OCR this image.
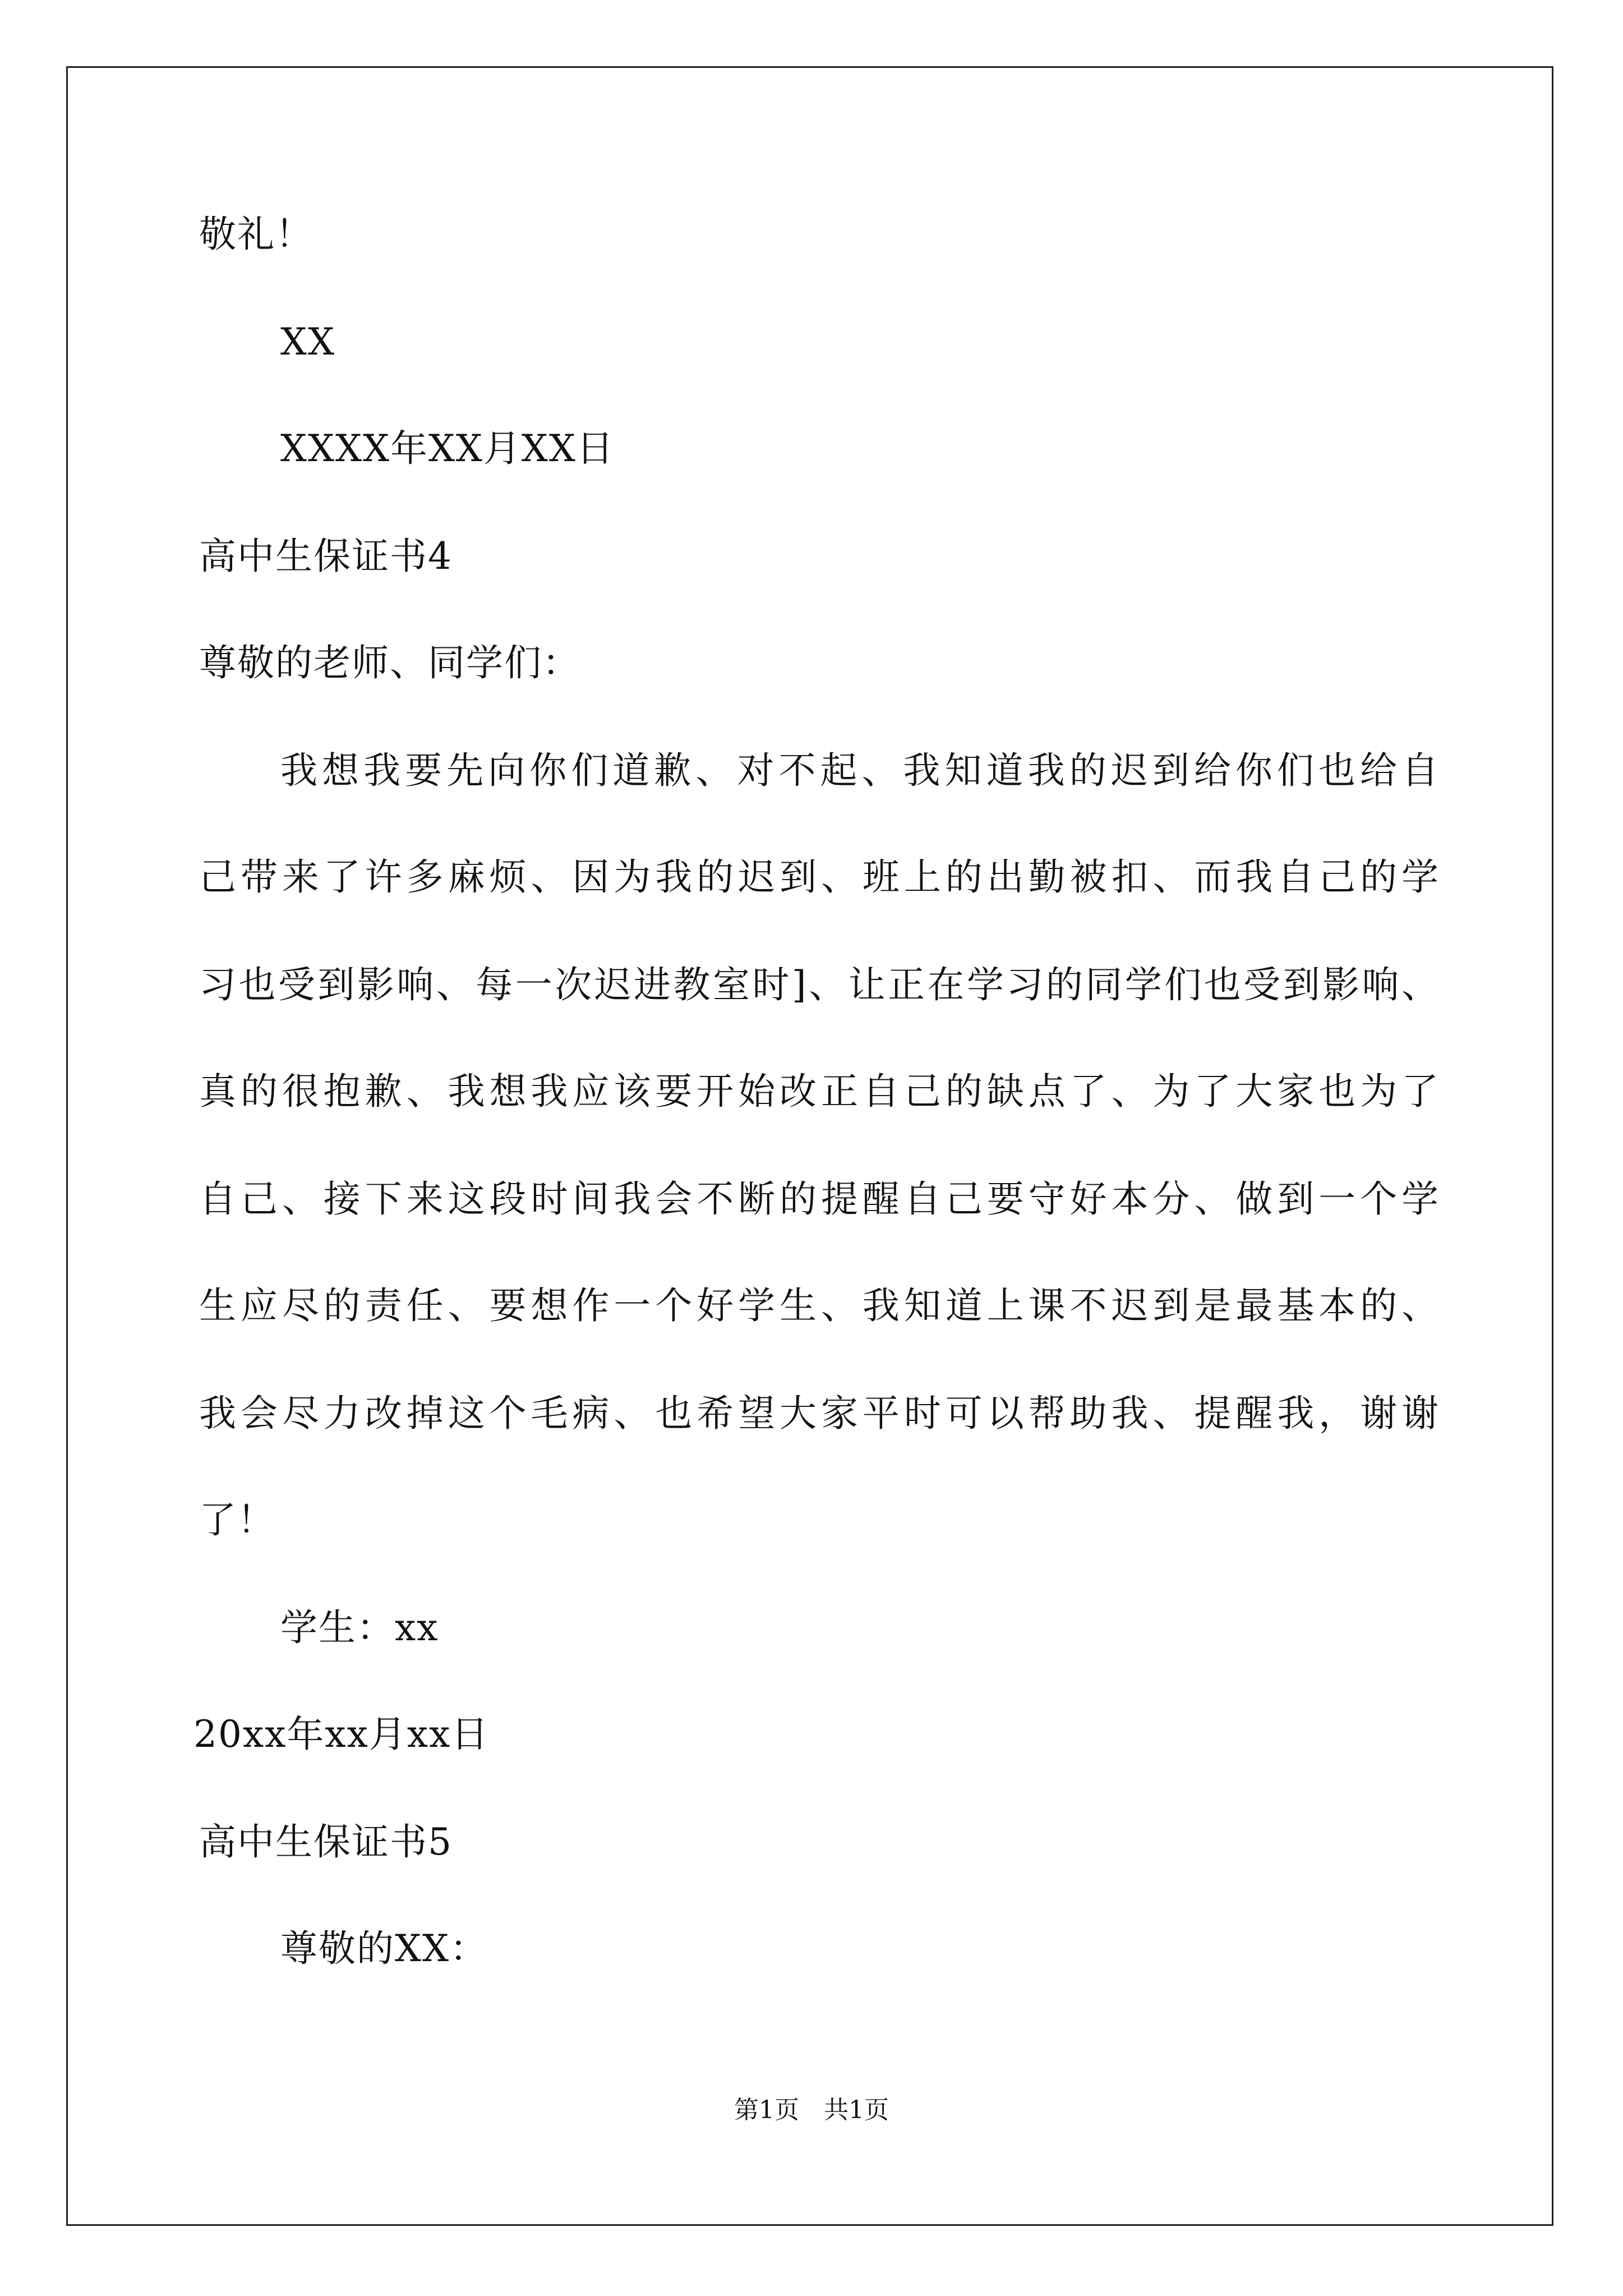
敬礼！

XX

XXXX年XX月XX日

高中生保证书4

尊敬的老师、同学们：

我想我要先向你们道歉、对不起、我知道我的迟到给你们也给自

己带来了许多麻烦、因为我的迟到、班上的出勤被扣、而我自己的学

习也受到影响、每一次迟进教室时]、让正在学习的同学们也受到影响、

真的很抱歉、我想我应该要开始改正自己的缺点了、为了大家也为了

自己、接下来这段时间我会不断的提醒自己要守好本分、做到一个学

生应尽的责任、要想作一个好学生、我知道上课不迟到是最基本的、

我会尽力改掉这个毛病、也希望大家平时可以帮助我、提醒我，谢谢

了！

学生：xx

20xx年xx月xx日

高中生保证书5

尊敬的XX：

第1页　共1页
